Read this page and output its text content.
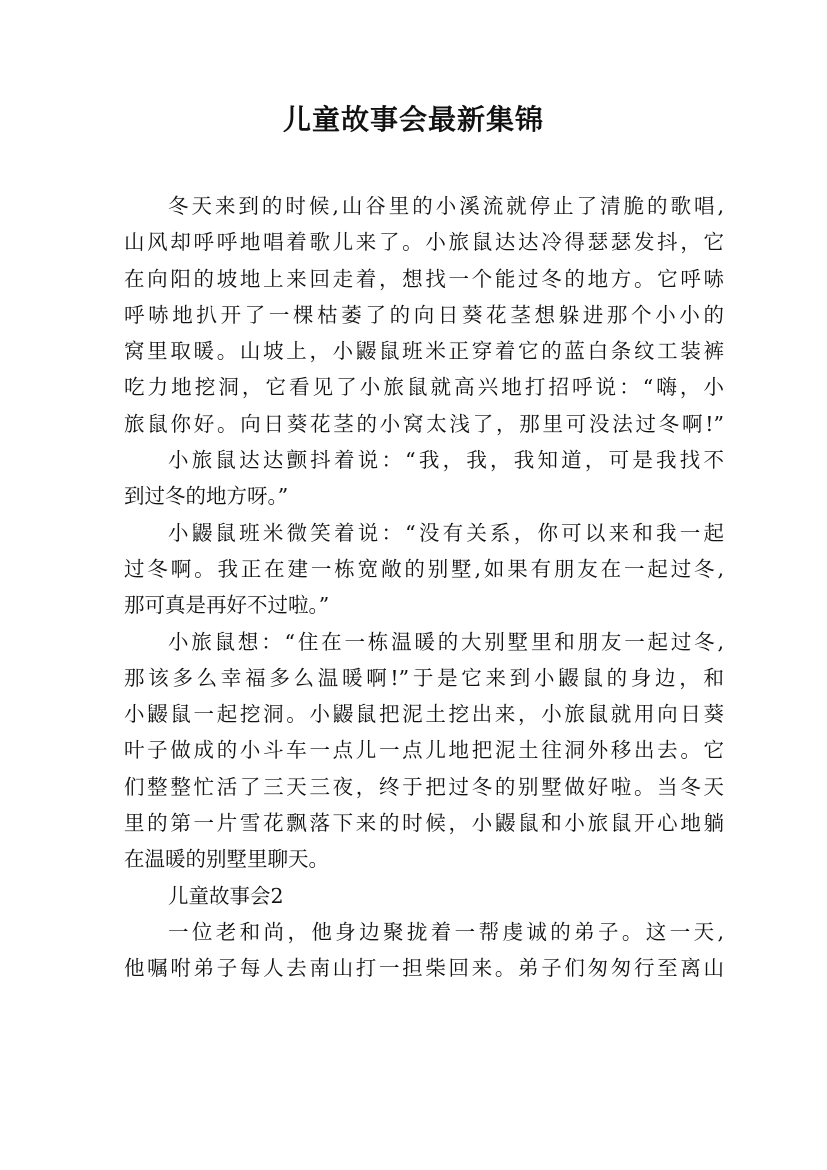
儿童故事会最新集锦
冬天来到的时候,山谷里的小溪流就停止了清脆的歌唱,
山风却呼呼地唱着歌儿来了。小旅鼠达达冷得瑟瑟发抖，它
在向阳的坡地上来回走着，想找一个能过冬的地方。它呼哧
呼哧地扒开了一棵枯萎了的向日葵花茎想躲进那个小小的
窝里取暖。山坡上，小鼹鼠班米正穿着它的蓝白条纹工装裤
吃力地挖洞，它看见了小旅鼠就高兴地打招呼说：“嗨，小
旅鼠你好。向日葵花茎的小窝太浅了，那里可没法过冬啊!”
小旅鼠达达颤抖着说：“我，我，我知道，可是我找不
到过冬的地方呀。”
小鼹鼠班米微笑着说：“没有关系，你可以来和我一起
过冬啊。我正在建一栋宽敞的别墅,如果有朋友在一起过冬,
那可真是再好不过啦。”
小旅鼠想：“住在一栋温暖的大别墅里和朋友一起过冬,
那该多么幸福多么温暖啊!”于是它来到小鼹鼠的身边，和
小鼹鼠一起挖洞。小鼹鼠把泥土挖出来，小旅鼠就用向日葵
叶子做成的小斗车一点儿一点儿地把泥土往洞外移出去。它
们整整忙活了三天三夜，终于把过冬的别墅做好啦。当冬天
里的第一片雪花飘落下来的时候，小鼹鼠和小旅鼠开心地躺
在温暖的别墅里聊天。
儿童故事会2
一位老和尚，他身边聚拢着一帮虔诚的弟子。这一天,
他嘱咐弟子每人去南山打一担柴回来。弟子们匆匆行至离山
